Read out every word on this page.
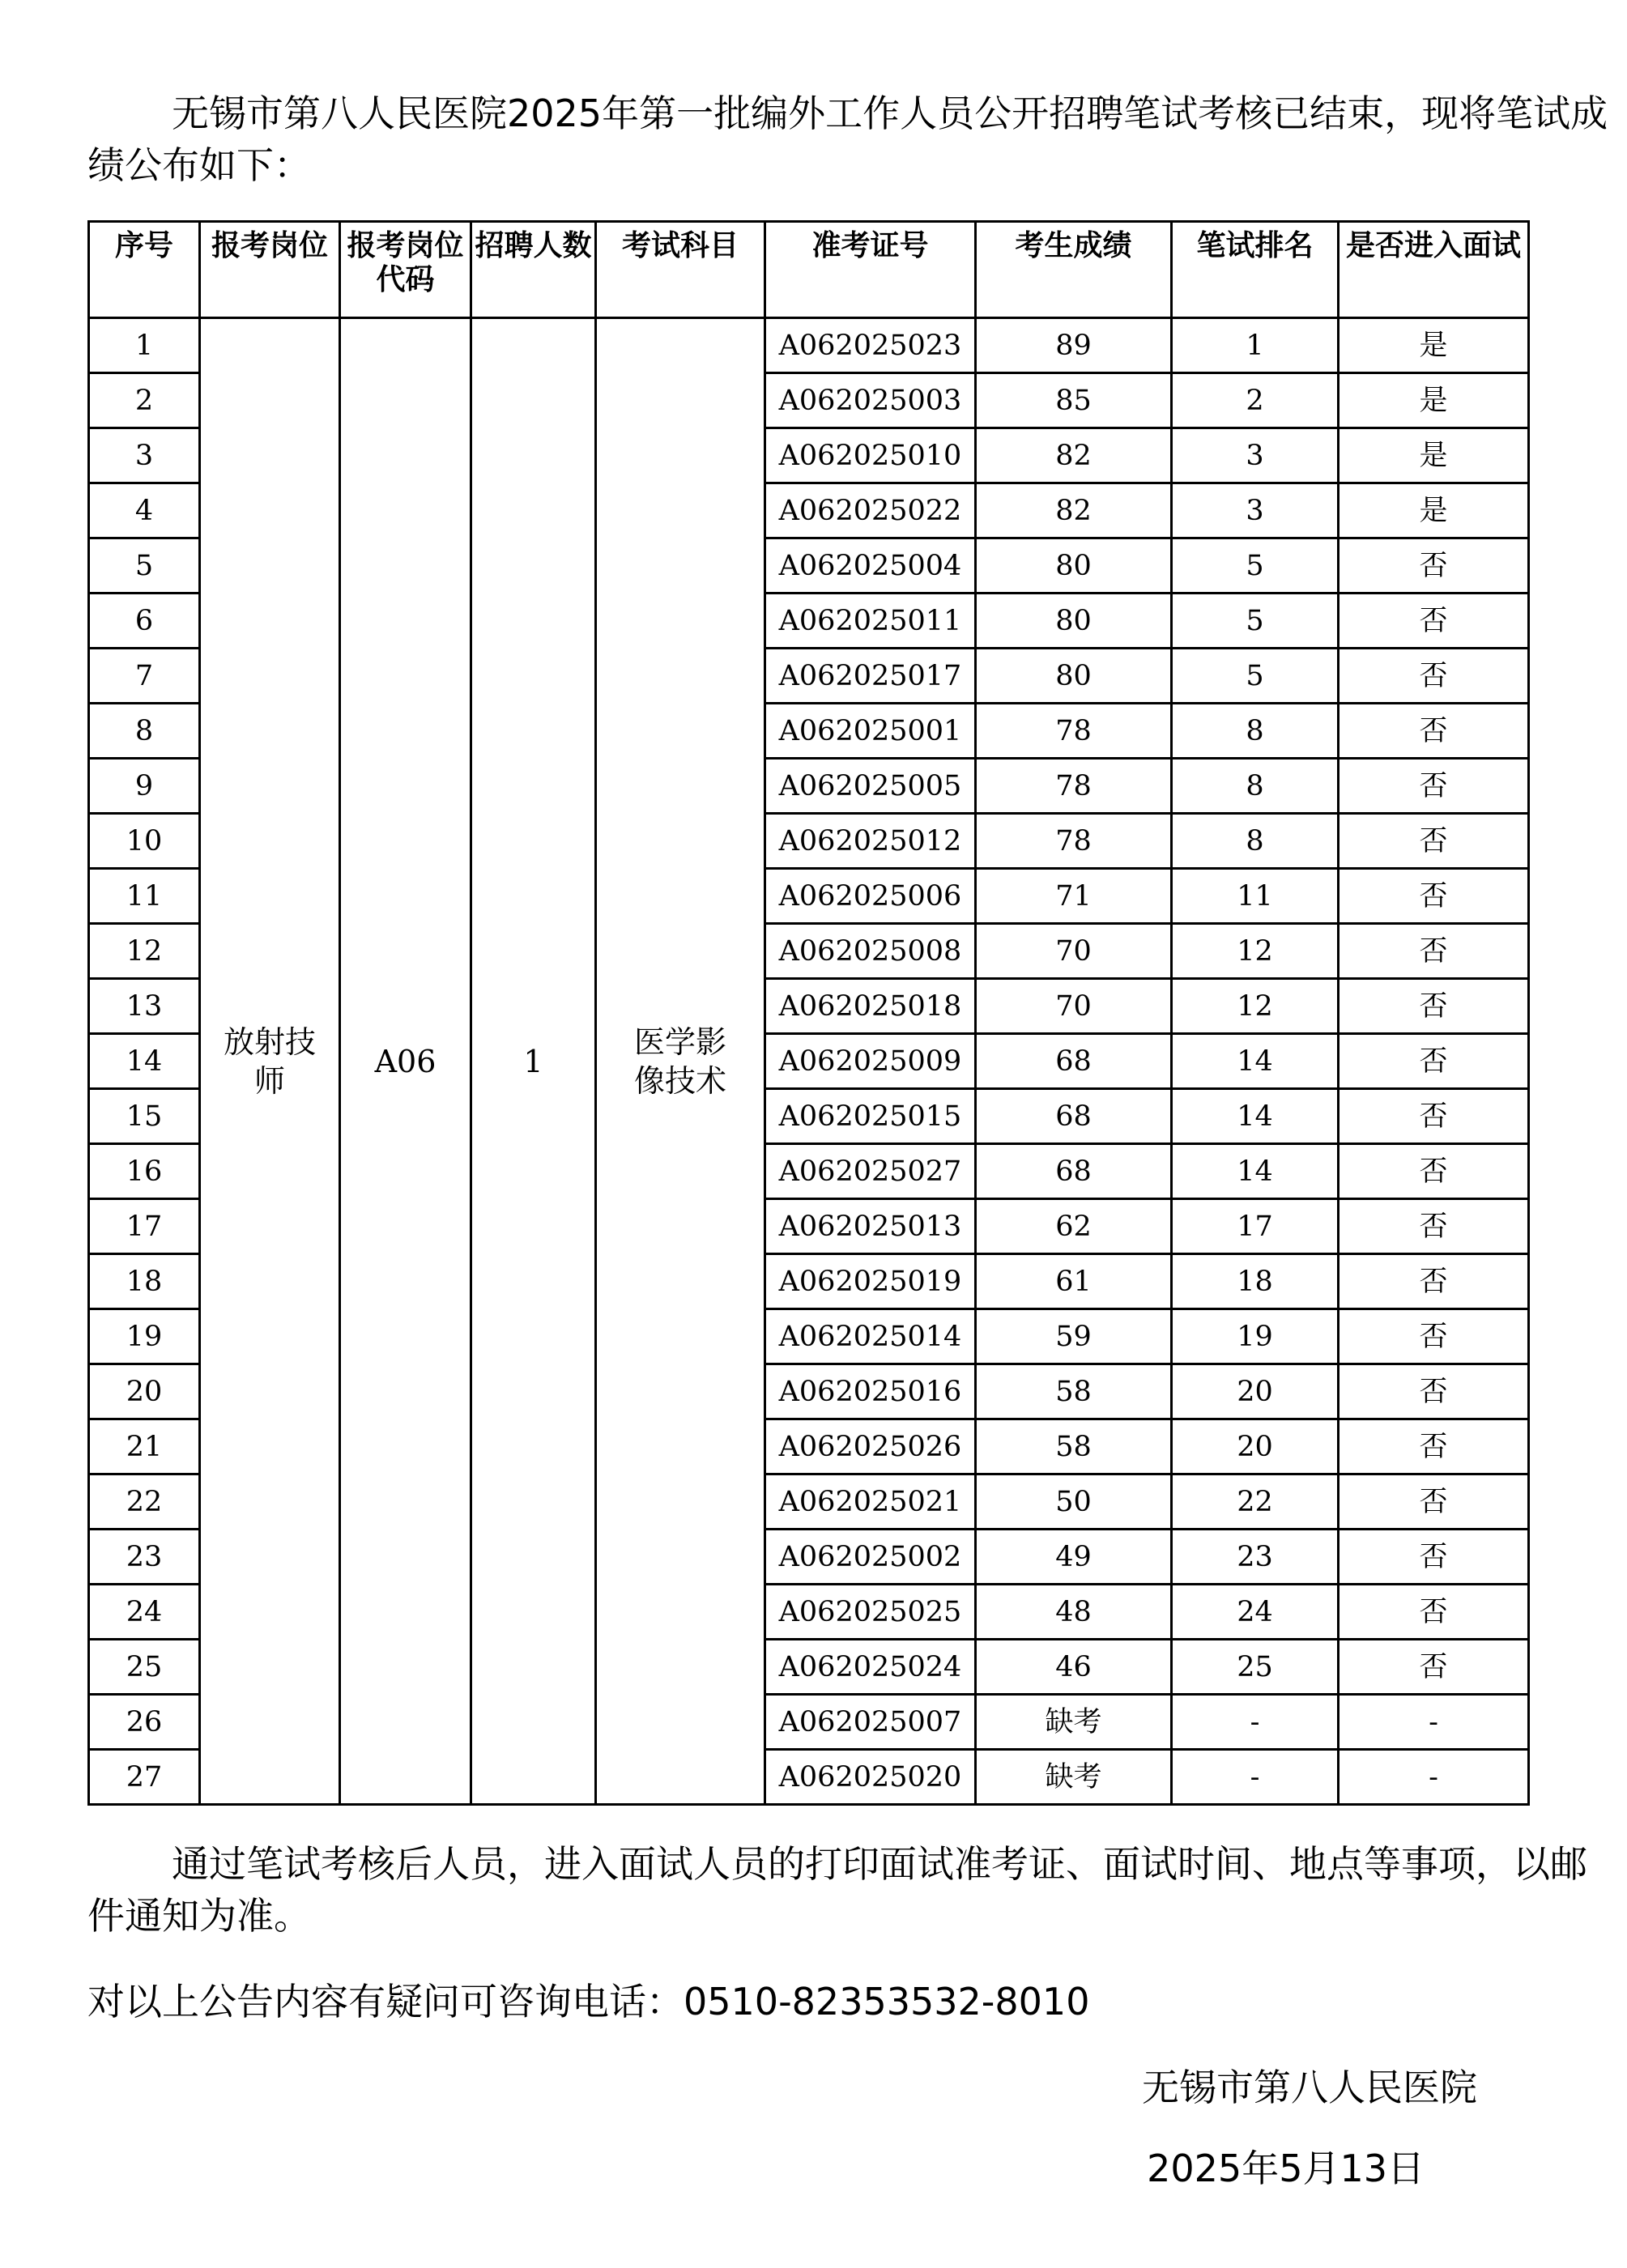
无锡市第八人民医院2025年第一批编外工作人员公开招聘笔试考核已结束，现将笔试成绩公布如下：

序号	报考岗位	报考岗位代码	招聘人数	考试科目	准考证号	考生成绩	笔试排名	是否进入面试
1	放射技师	A06	1	医学影像技术	A062025023	89	1	是
2					A062025003	85	2	是
3					A062025010	82	3	是
4					A062025022	82	3	是
5					A062025004	80	5	否
6					A062025011	80	5	否
7					A062025017	80	5	否
8					A062025001	78	8	否
9					A062025005	78	8	否
10					A062025012	78	8	否
11					A062025006	71	11	否
12					A062025008	70	12	否
13					A062025018	70	12	否
14					A062025009	68	14	否
15					A062025015	68	14	否
16					A062025027	68	14	否
17					A062025013	62	17	否
18					A062025019	61	18	否
19					A062025014	59	19	否
20					A062025016	58	20	否
21					A062025026	58	20	否
22					A062025021	50	22	否
23					A062025002	49	23	否
24					A062025025	48	24	否
25					A062025024	46	25	否
26					A062025007	缺考	-	-
27					A062025020	缺考	-	-

通过笔试考核后人员，进入面试人员的打印面试准考证、面试时间、地点等事项，以邮件通知为准。

对以上公告内容有疑问可咨询电话：0510-82353532-8010

无锡市第八人民医院

2025年5月13日
